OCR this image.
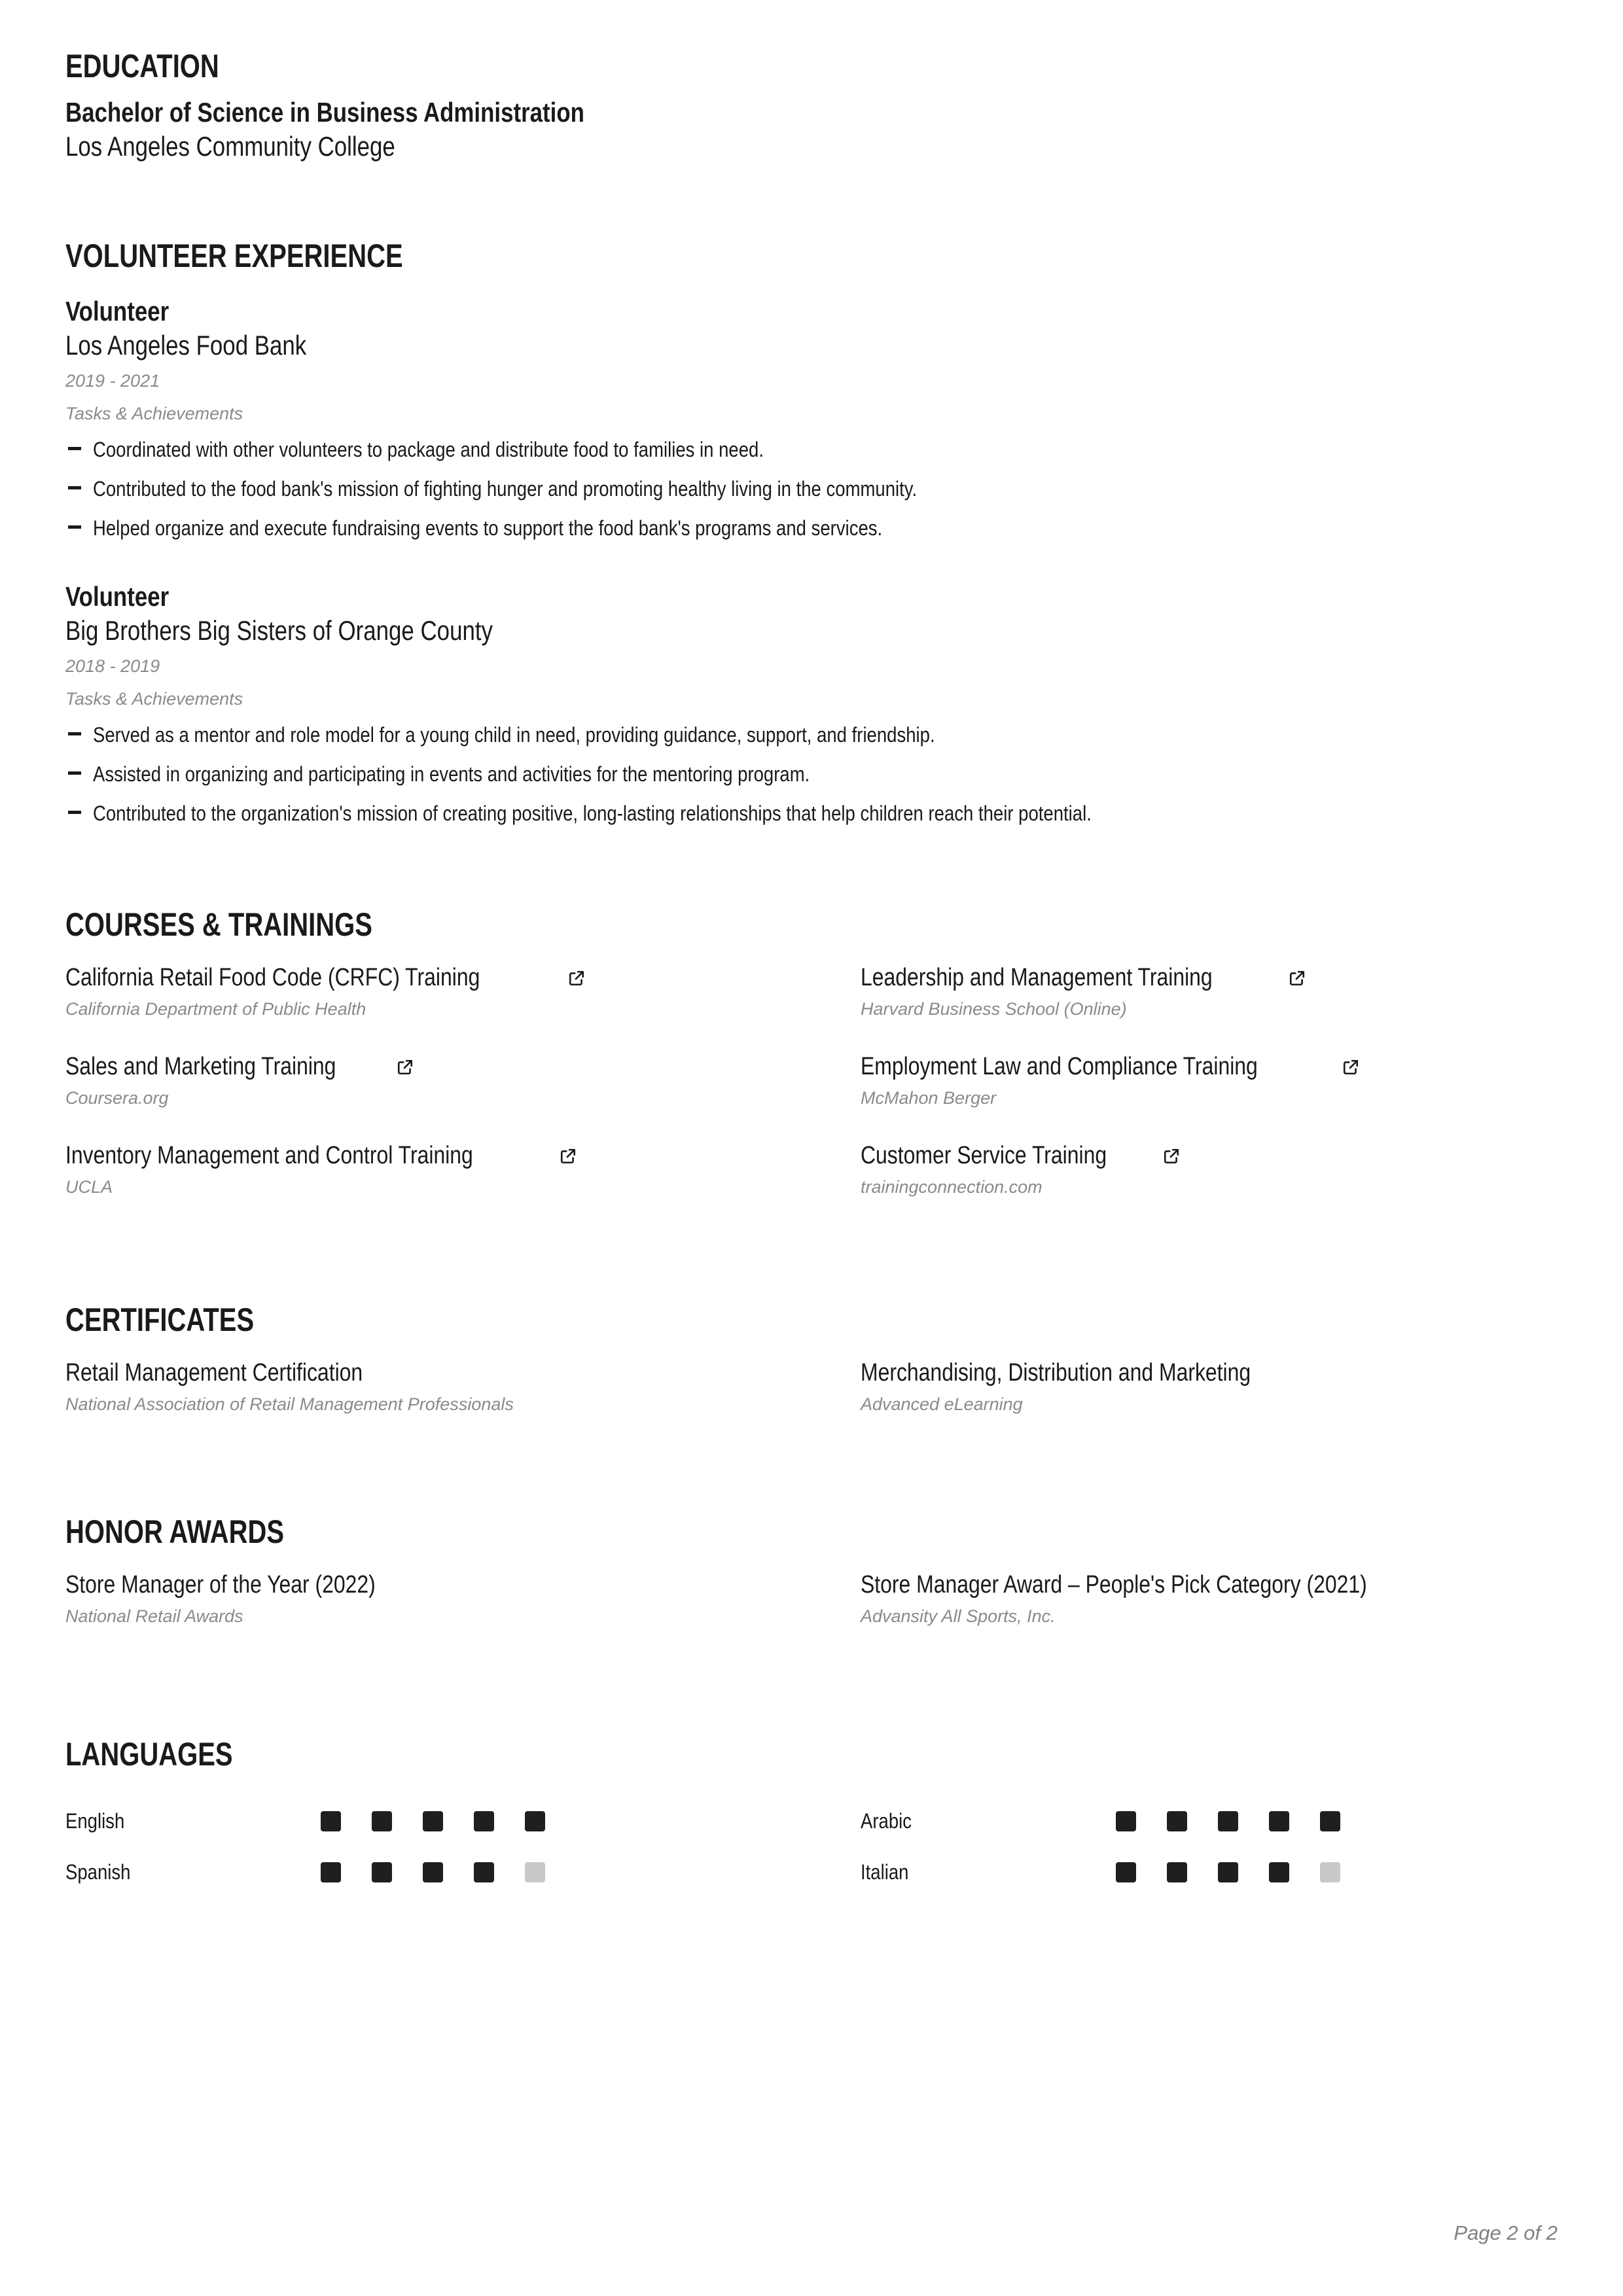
EDUCATION
Bachelor of Science in Business Administration
Los Angeles Community College
VOLUNTEER EXPERIENCE
Volunteer
Los Angeles Food Bank
2019 - 2021
Tasks & Achievements
Coordinated with other volunteers to package and distribute food to families in need.
Contributed to the food bank's mission of fighting hunger and promoting healthy living in the community.
Helped organize and execute fundraising events to support the food bank's programs and services.
Volunteer
Big Brothers Big Sisters of Orange County
2018 - 2019
Tasks & Achievements
Served as a mentor and role model for a young child in need, providing guidance, support, and friendship.
Assisted in organizing and participating in events and activities for the mentoring program.
Contributed to the organization's mission of creating positive, long-lasting relationships that help children reach their potential.
COURSES & TRAININGS
California Retail Food Code (CRFC) Training
California Department of Public Health
Leadership and Management Training
Harvard Business School (Online)
Sales and Marketing Training
Coursera.org
Employment Law and Compliance Training
McMahon Berger
Inventory Management and Control Training
UCLA
Customer Service Training
trainingconnection.com
CERTIFICATES
Retail Management Certification
National Association of Retail Management Professionals
Merchandising, Distribution and Marketing
Advanced eLearning
HONOR AWARDS
Store Manager of the Year (2022)
National Retail Awards
Store Manager Award – People's Pick Category (2021)
Advansity All Sports, Inc.
LANGUAGES
English	Arabic
Spanish	Italian
Page 2 of 2
